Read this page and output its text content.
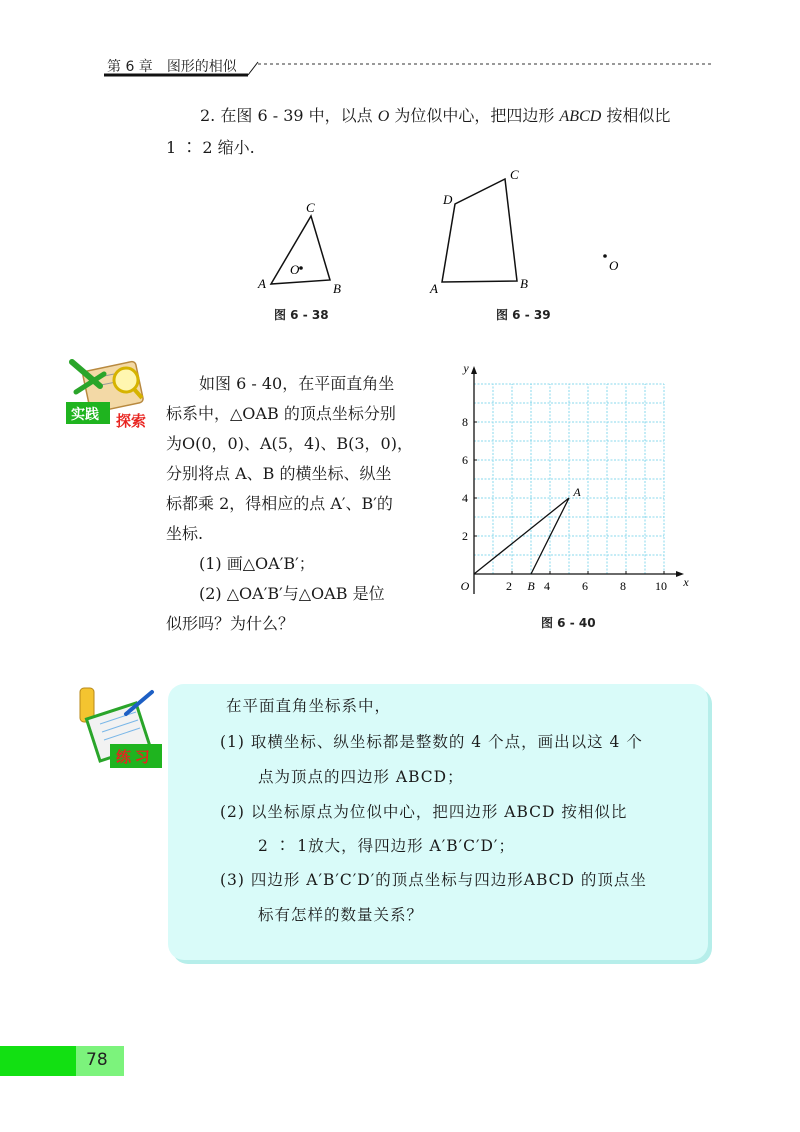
第 6 章 图形的相似
2. 在图 6 - 39 中，以点 O 为位似中心，把四边形 ABCD 按相似比
1 ∶ 2 缩小.
A	B
C
O
A	B
C
D
O
图 6 - 38	图 6 - 39
实践 探索
如图 6 - 40，在平面直角坐
标系中，△OAB 的顶点坐标分别
为O(0，0)、A(5，4)、B(3，0)，
分别将点 A、B 的横坐标、纵坐
标都乘 2，得相应的点 A′、B′的
坐标.
(1) 画△OA′B′；
(2) △OA′B′与△OAB 是位
似形吗？为什么？
2	4	6	8 10
2
4
6
8
x
y
O
A
B
图 6 - 40
练 习
在平面直角坐标系中，
(1) 取横坐标、纵坐标都是整数的 4 个点，画出以这 4 个
点为顶点的四边形 ABCD；
(2) 以坐标原点为位似中心，把四边形 ABCD 按相似比
2 ∶ 1放大，得四边形 A′B′C′D′；
(3) 四边形 A′B′C′D′的顶点坐标与四边形ABCD 的顶点坐
标有怎样的数量关系？
78
